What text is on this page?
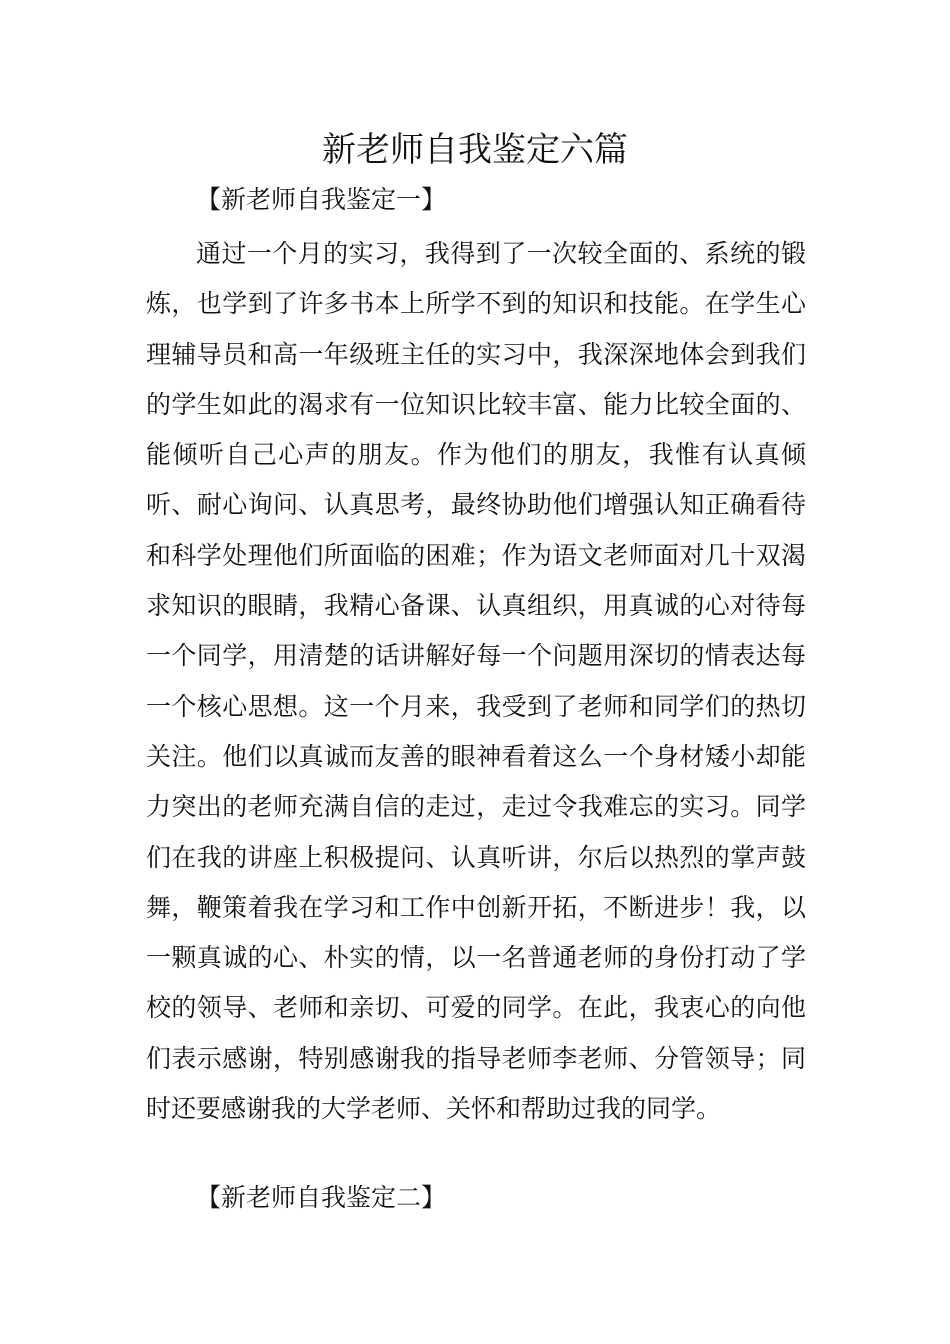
新老师自我鉴定六篇

【新老师自我鉴定一】

通过一个月的实习，我得到了一次较全面的、系统的锻炼，也学到了许多书本上所学不到的知识和技能。在学生心理辅导员和高一年级班主任的实习中，我深深地体会到我们的学生如此的渴求有一位知识比较丰富、能力比较全面的、能倾听自己心声的朋友。作为他们的朋友，我惟有认真倾听、耐心询问、认真思考，最终协助他们增强认知正确看待和科学处理他们所面临的困难；作为语文老师面对几十双渴求知识的眼睛，我精心备课、认真组织，用真诚的心对待每一个同学，用清楚的话讲解好每一个问题用深切的情表达每一个核心思想。这一个月来，我受到了老师和同学们的热切关注。他们以真诚而友善的眼神看着这么一个身材矮小却能力突出的老师充满自信的走过，走过令我难忘的实习。同学们在我的讲座上积极提问、认真听讲，尔后以热烈的掌声鼓舞，鞭策着我在学习和工作中创新开拓，不断进步！我，以一颗真诚的心、朴实的情，以一名普通老师的身份打动了学校的领导、老师和亲切、可爱的同学。在此，我衷心的向他们表示感谢，特别感谢我的指导老师李老师、分管领导；同时还要感谢我的大学老师、关怀和帮助过我的同学。

【新老师自我鉴定二】
